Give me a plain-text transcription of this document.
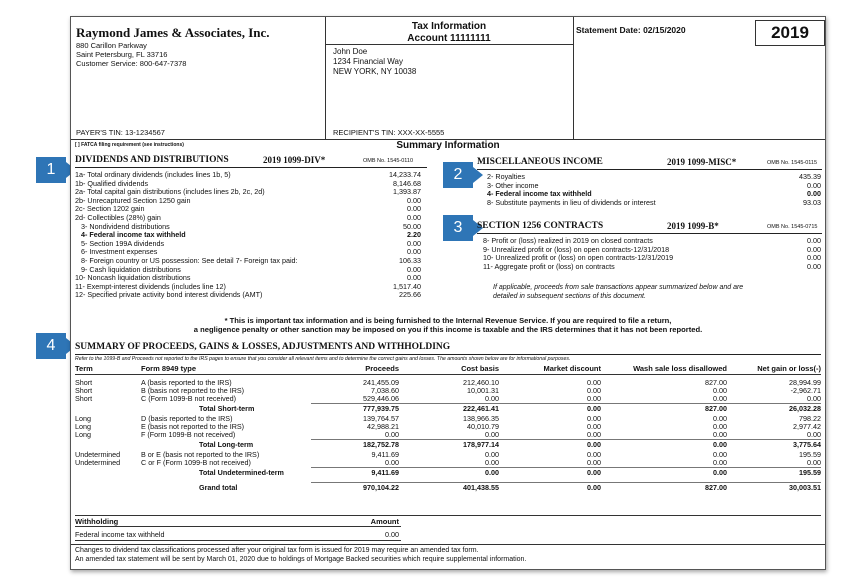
1
4
Raymond James & Associates, Inc.
880 Carillon Parkway
Saint Petersburg, FL 33716
Customer Service: 800-647-7378
PAYER'S TIN: 13-1234567
Tax Information
Account 11111111
John Doe
1234 Financial Way
NEW YORK, NY 10038
RECIPIENT'S TIN: XXX-XX-5555
Statement Date: 02/15/2020	2019
[ ] FATCA filing requirement (see instructions)	Summary Information
DIVIDENDS AND DISTRIBUTIONS	2019 1099-DIV*	OMB No. 1545-0110
1a- Total ordinary dividends (includes lines 1b, 5)	14,233.74
1b- Qualified dividends	8,146.68
2a- Total capital gain distributions (includes lines 2b, 2c, 2d)	1,393.87
2b- Unrecaptured Section 1250 gain	0.00
2c- Section 1202 gain	0.00
2d- Collectibles (28%) gain	0.00
3- Nondividend distributions	50.00
4- Federal income tax withheld	2.20
5- Section 199A dividends	0.00
6- Investment expenses	0.00
8- Foreign country or US possession: See detail 7- Foreign tax paid:	106.33
9- Cash liquidation distributions	0.00
10- Noncash liquidation distributions	0.00
11- Exempt-interest dividends (includes line 12)	1,517.40
12- Specified private activity bond interest dividends (AMT)	225.66
2
MISCELLANEOUS INCOME	2019 1099-MISC*	OMB No. 1545-0115
2- Royalties	435.39
3- Other income	0.00
4- Federal income tax withheld	0.00
8- Substitute payments in lieu of dividends or interest	93.03
3	SECTION 1256 CONTRACTS	2019 1099-B*	OMB No. 1545-0715
8- Profit or (loss) realized in 2019 on closed contracts	0.00
9- Unrealized profit or (loss) on open contracts-12/31/2018	0.00
10- Unrealized profit or (loss) on open contracts-12/31/2019	0.00
11- Aggregate profit or (loss) on contracts	0.00
If applicable, proceeds from sale transactions appear summarized below and are
detailed in subsequent sections of this document.
* This is important tax information and is being furnished to the Internal Revenue Service. If you are required to file a return,
a negligence penalty or other sanction may be imposed on you if this income is taxable and the IRS determines that it has not been reported.
SUMMARY OF PROCEEDS, GAINS & LOSSES, ADJUSTMENTS AND WITHHOLDING
Refer to the 1099-B and Proceeds not reported to the IRS pages to ensure that you consider all relevant items and to determine the correct gains and losses. The amounts shown below are for informational purposes.
Term	Form 8949 type	Proceeds	Cost basis	Market discount	Wash sale loss disallowed	Net gain or loss(-)
Short	A (basis reported to the IRS)	241,455.09	212,460.10	0.00	827.00	28,994.99
Short	B (basis not reported to the IRS)	7,038.60	10,001.31	0.00	0.00	-2,962.71
Short	C (Form 1099-B not received)	529,446.06	0.00	0.00	0.00	0.00
Total Short-term	777,939.75	222,461.41	0.00	827.00	26,032.28
Long	D (basis reported to the IRS)	139,764.57	138,966.35	0.00	0.00	798.22
Long	E (basis not reported to the IRS)	42,988.21	40,010.79	0.00	0.00	2,977.42
Long	F (Form 1099-B not received)	0.00	0.00	0.00	0.00	0.00
Total Long-term	182,752.78	178,977.14	0.00	0.00	3,775.64
Undetermined	B or E (basis not reported to the IRS)	9,411.69	0.00	0.00	0.00	195.59
Undetermined	C or F (Form 1099-B not received)	0.00	0.00	0.00	0.00	0.00
Total Undetermined-term	9,411.69	0.00	0.00	0.00	195.59
Grand total	970,104.22	401,438.55	0.00	827.00	30,003.51
Withholding	Amount
Federal income tax withheld	0.00
Changes to dividend tax classifications processed after your original tax form is issued for 2019 may require an amended tax form.
An amended tax statement will be sent by March 01, 2020 due to holdings of Mortgage Backed securities which require supplemental information.
